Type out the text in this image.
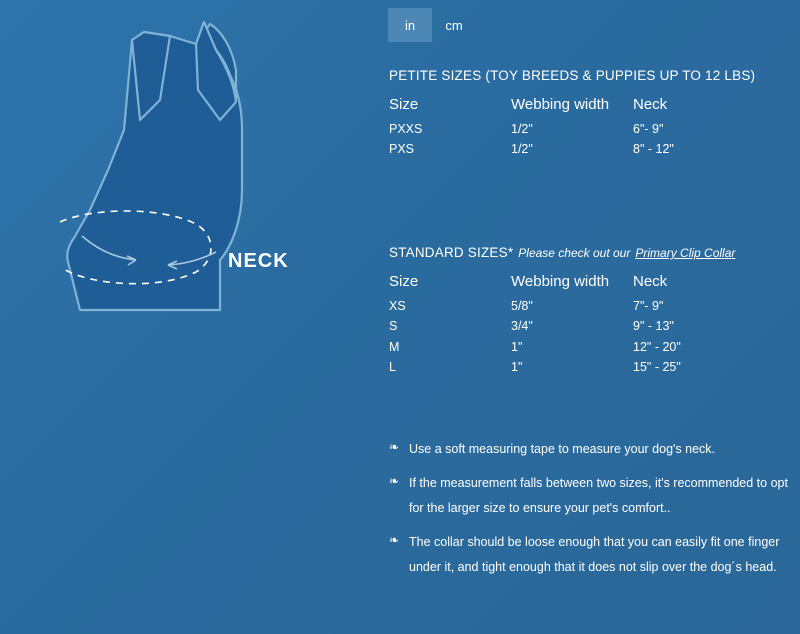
NECK
in	cm
PETITE SIZES (TOY BREEDS & PUPPIES UP TO 12 LBS)
Size	Webbing width	Neck
PXXS	1/2"	6"- 9"
PXS	1/2"	8" - 12"
STANDARD SIZES* Please check out our Primary Clip Collar
Size	Webbing width	Neck
XS	5/8"	7"- 9"
S	3/4"	9" - 13"
M	1"	12" - 20"
L	1"	15" - 25"
❧ Use a soft measuring tape to measure your dog's neck.
❧ If the measurement falls between two sizes, it's recommended to opt for the larger size to ensure your pet's comfort..
❧ The collar should be loose enough that you can easily fit one finger under it, and tight enough that it does not slip over the dog´s head.
